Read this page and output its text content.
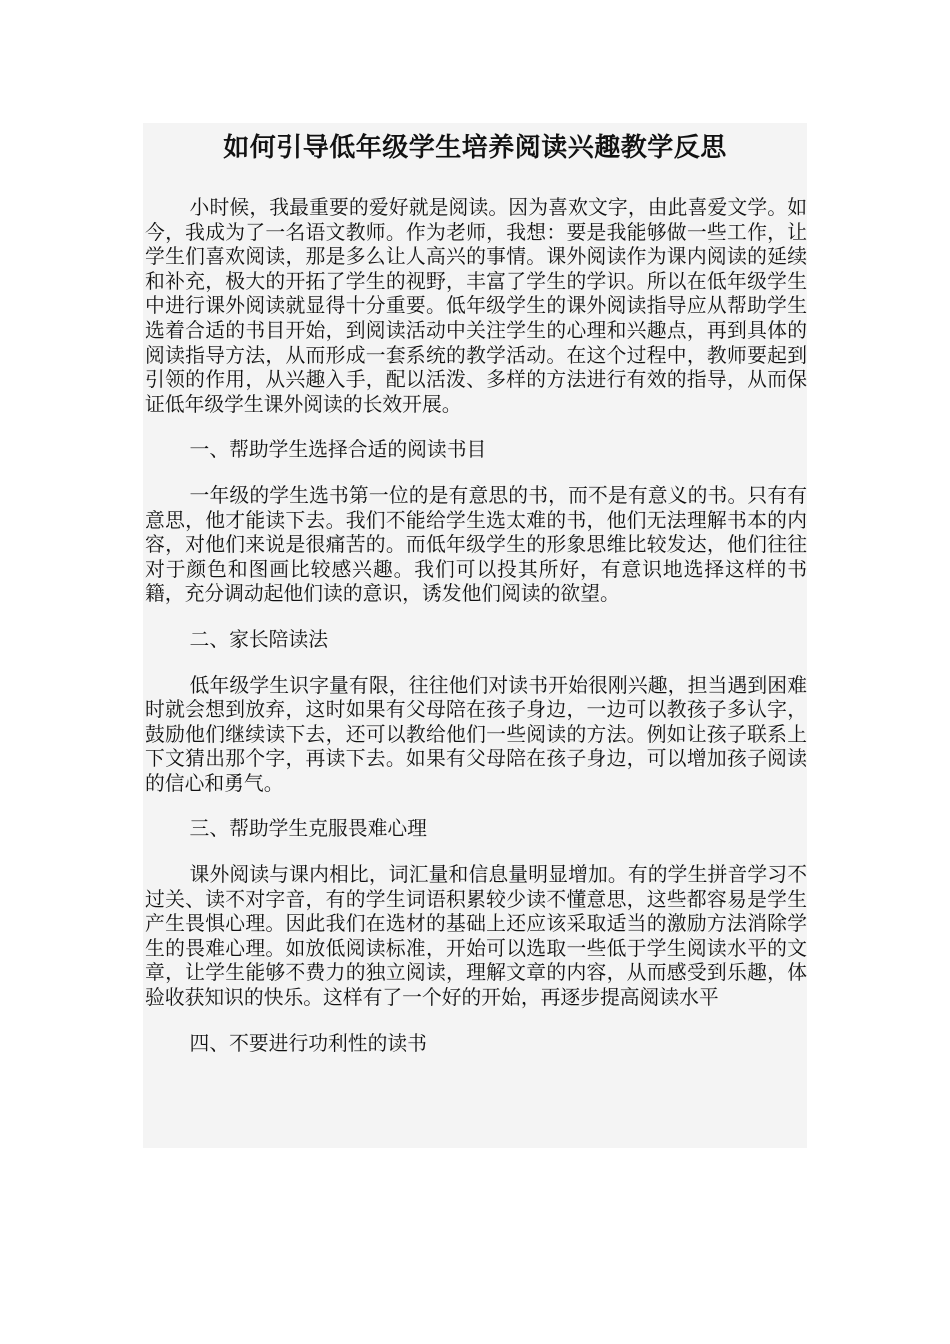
如何引导低年级学生培养阅读兴趣教学反思

小时候，我最重要的爱好就是阅读。因为喜欢文字，由此喜爱文学。如今，我成为了一名语文教师。作为老师，我想：要是我能够做一些工作，让学生们喜欢阅读，那是多么让人高兴的事情。课外阅读作为课内阅读的延续和补充，极大的开拓了学生的视野，丰富了学生的学识。所以在低年级学生中进行课外阅读就显得十分重要。低年级学生的课外阅读指导应从帮助学生选着合适的书目开始，到阅读活动中关注学生的心理和兴趣点，再到具体的阅读指导方法，从而形成一套系统的教学活动。在这个过程中，教师要起到引领的作用，从兴趣入手，配以活泼、多样的方法进行有效的指导，从而保证低年级学生课外阅读的长效开展。

一、帮助学生选择合适的阅读书目

一年级的学生选书第一位的是有意思的书，而不是有意义的书。只有有意思，他才能读下去。我们不能给学生选太难的书，他们无法理解书本的内容，对他们来说是很痛苦的。而低年级学生的形象思维比较发达，他们往往对于颜色和图画比较感兴趣。我们可以投其所好，有意识地选择这样的书籍，充分调动起他们读的意识，诱发他们阅读的欲望。

二、家长陪读法

低年级学生识字量有限，往往他们对读书开始很刚兴趣，担当遇到困难时就会想到放弃，这时如果有父母陪在孩子身边，一边可以教孩子多认字，鼓励他们继续读下去，还可以教给他们一些阅读的方法。例如让孩子联系上下文猜出那个字，再读下去。如果有父母陪在孩子身边，可以增加孩子阅读的信心和勇气。

三、帮助学生克服畏难心理

课外阅读与课内相比，词汇量和信息量明显增加。有的学生拼音学习不过关、读不对字音，有的学生词语积累较少读不懂意思，这些都容易是学生产生畏惧心理。因此我们在选材的基础上还应该采取适当的激励方法消除学生的畏难心理。如放低阅读标准，开始可以选取一些低于学生阅读水平的文章，让学生能够不费力的独立阅读，理解文章的内容，从而感受到乐趣，体验收获知识的快乐。这样有了一个好的开始，再逐步提高阅读水平

四、不要进行功利性的读书
